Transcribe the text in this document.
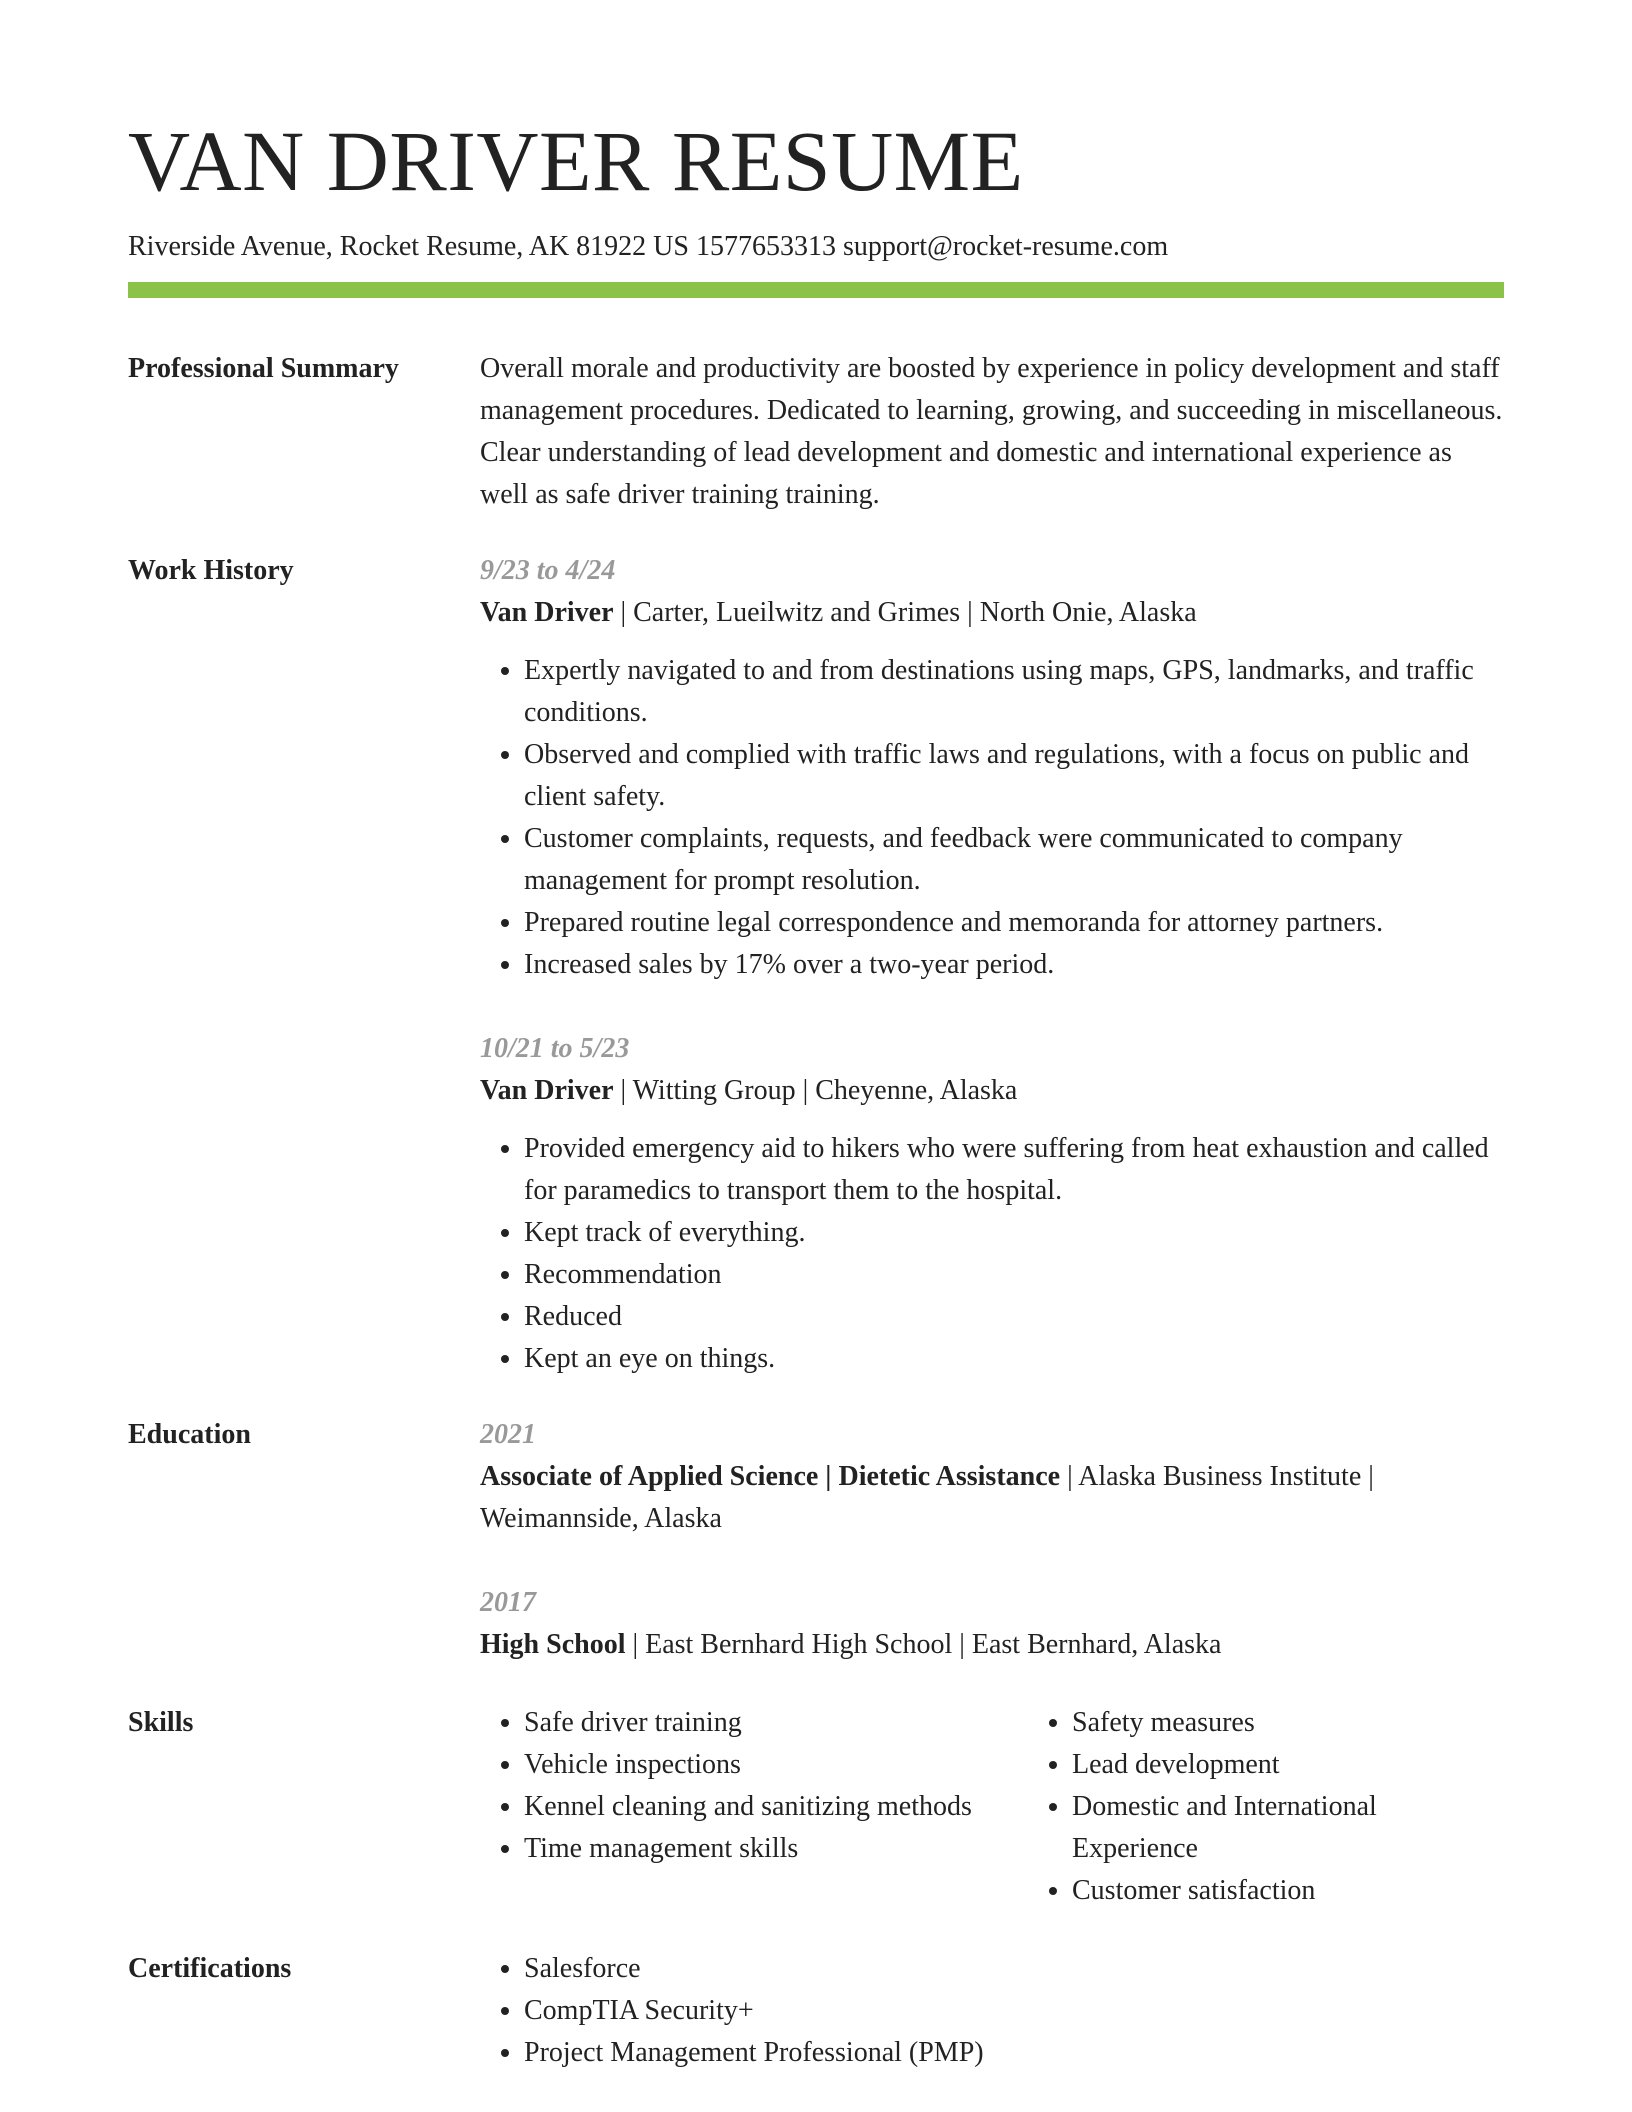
VAN DRIVER RESUME
Riverside Avenue, Rocket Resume, AK 81922 US 1577653313 support@rocket-resume.com
Professional Summary	Overall morale and productivity are boosted by experience in policy development and staff management procedures. Dedicated to learning, growing, and succeeding in miscellaneous. Clear understanding of lead development and domestic and international experience as well as safe driver training training.
Work History	9/23 to 4/24
Van Driver | Carter, Lueilwitz and Grimes | North Onie, Alaska
• Expertly navigated to and from destinations using maps, GPS, landmarks, and traffic conditions.
• Observed and complied with traffic laws and regulations, with a focus on public and client safety.
• Customer complaints, requests, and feedback were communicated to company management for prompt resolution.
• Prepared routine legal correspondence and memoranda for attorney partners.
• Increased sales by 17% over a two-year period.
10/21 to 5/23
Van Driver | Witting Group | Cheyenne, Alaska
• Provided emergency aid to hikers who were suffering from heat exhaustion and called for paramedics to transport them to the hospital.
• Kept track of everything.
• Recommendation
• Reduced
• Kept an eye on things.
Education	2021
Associate of Applied Science | Dietetic Assistance | Alaska Business Institute | Weimannside, Alaska
2017
High School | East Bernhard High School | East Bernhard, Alaska
Skills	• Safe driver training
• Vehicle inspections
• Kennel cleaning and sanitizing methods
• Time management skills
• Safety measures
• Lead development
• Domestic and International Experience
• Customer satisfaction
Certifications	• Salesforce
• CompTIA Security+
• Project Management Professional (PMP)
